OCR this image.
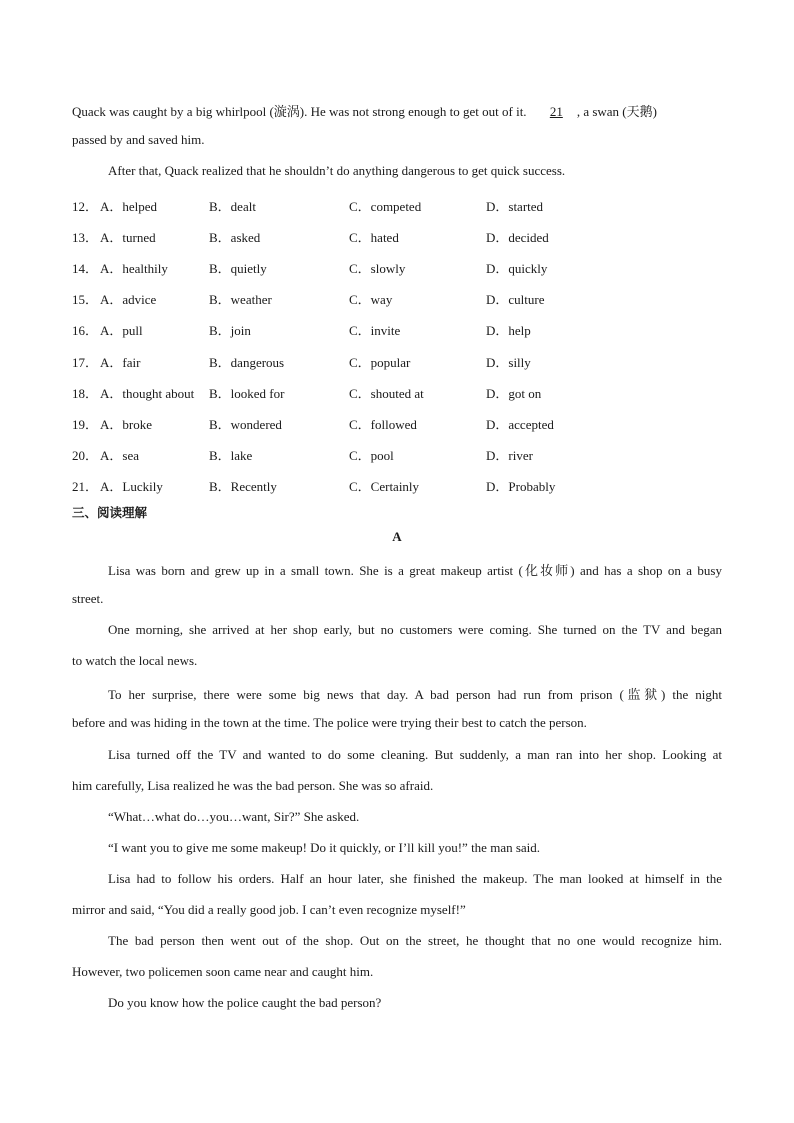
Quack was caught by a big whirlpool (漩涡). He was not strong enough to get out of it. 21 , a swan (天鹅)
passed by and saved him.
After that, Quack realized that he shouldn’t do anything dangerous to get quick success.
12． A．helped	B．dealt	C．competed	D．started
13． A．turned	B．asked	C．hated	D．decided
14． A．healthily	B．quietly	C．slowly	D．quickly
15． A．advice	B．weather	C．way	D．culture
16． A．pull	B．join	C．invite	D．help
17． A．fair	B．dangerous	C．popular	D．silly
18． A．thought about B．looked for	C．shouted at	D．got on
19． A．broke	B．wondered	C．followed	D．accepted
20． A．sea	B．lake	C．pool	D．river
21． A．Luckily	B．Recently	C．Certainly	D．Probably
三、阅读理解
A
Lisa was born and grew up in a small town. She is a great makeup artist (化妆师) and has a shop on a busy
street.
One morning, she arrived at her shop early, but no customers were coming. She turned on the TV and began
to watch the local news.
To her surprise, there were some big news that day. A bad person had run from prison (监狱) the night
before and was hiding in the town at the time. The police were trying their best to catch the person.
Lisa turned off the TV and wanted to do some cleaning. But suddenly, a man ran into her shop. Looking at
him carefully, Lisa realized he was the bad person. She was so afraid.
“What…what do…you…want, Sir?” She asked.
“I want you to give me some makeup! Do it quickly, or I’ll kill you!” the man said.
Lisa had to follow his orders. Half an hour later, she finished the makeup. The man looked at himself in the
mirror and said, “You did a really good job. I can’t even recognize myself!”
The bad person then went out of the shop. Out on the street, he thought that no one would recognize him.
However, two policemen soon came near and caught him.
Do you know how the police caught the bad person?
